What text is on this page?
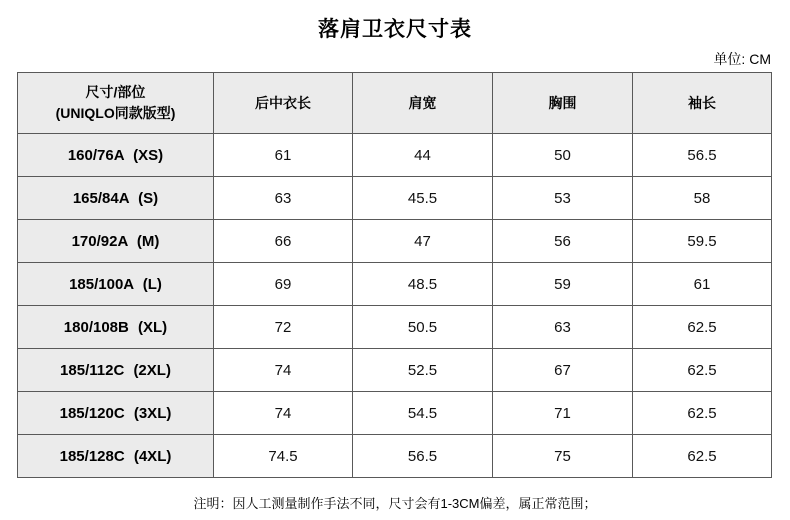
落肩卫衣尺寸表
单位: CM
尺寸/部位
(UNIQLO同款版型)	后中衣长	肩宽	胸围	袖长
160/76A (XS)	61	44	50	56.5
165/84A (S)	63	45.5	53	58
170/92A (M)	66	47	56	59.5
185/100A (L)	69	48.5	59	61
180/108B (XL)	72	50.5	63	62.5
185/112C (2XL)	74	52.5	67	62.5
185/120C (3XL)	74	54.5	71	62.5
185/128C (4XL)	74.5	56.5	75	62.5
注明：因人工测量制作手法不同，尺寸会有1-3CM偏差，属正常范围；
